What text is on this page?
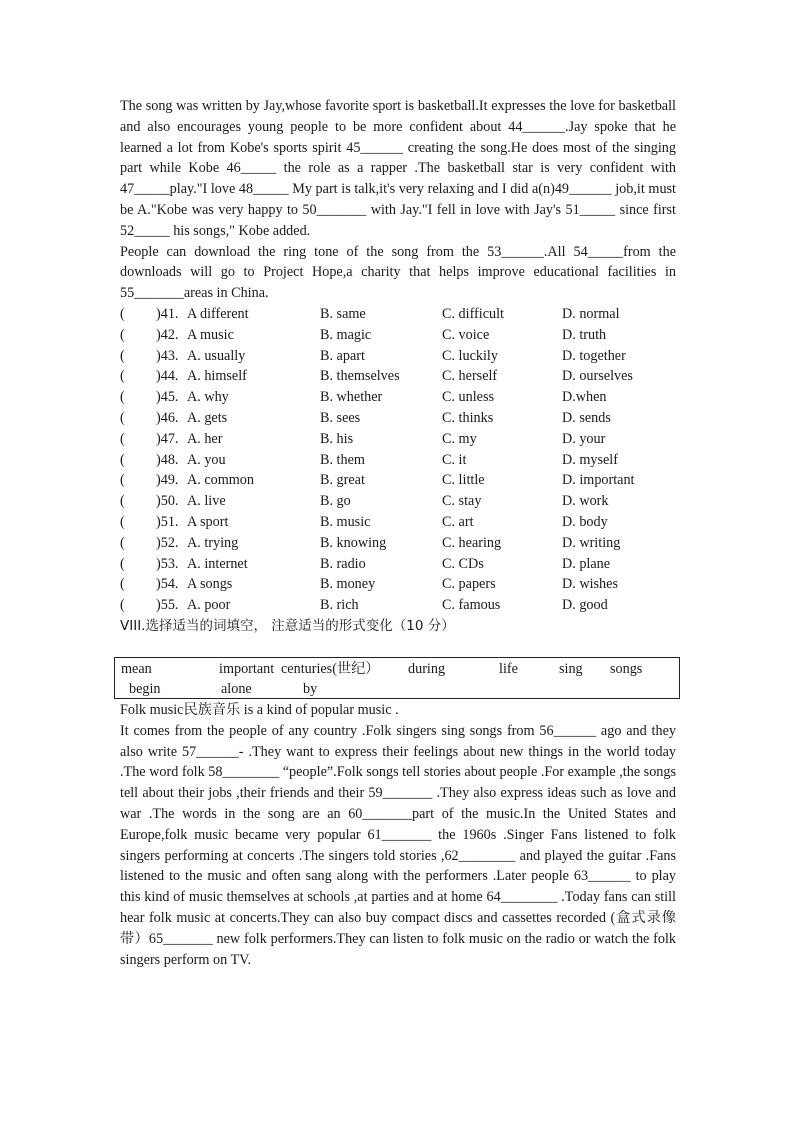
The song was written by Jay,whose favorite sport is basketball.It expresses the love for basketball and also encourages young people to be more confident about 44______.Jay spoke that he learned a lot from Kobe's sports spirit 45______ creating the song.He does most of the singing part while Kobe 46_____ the role as a rapper .The basketball star is very confident with 47_____play."I love 48_____ My part is talk,it's very relaxing and I did a(n)49______ job,it must be A."Kobe was very happy to 50_______ with Jay."I fell in love with Jay's 51_____ since first 52_____ his songs," Kobe added.

People can download the ring tone of the song from the 53______.All 54_____from the downloads will go to Project Hope,a charity that helps improve educational facilities in 55_______areas in China.

( )41. A different	B. same	C. difficult	D. normal
( )42. A music	B. magic	C. voice	D. truth
( )43. A. usually	B. apart	C. luckily	D. together
( )44. A. himself	B. themselves	C. herself	D. ourselves
( )45. A. why	B. whether	C. unless	D.when
( )46. A. gets	B. sees	C. thinks	D. sends
( )47. A. her	B. his	C. my	D. your
( )48. A. you	B. them	C. it	D. myself
( )49. A. common	B. great	C. little	D. important
( )50. A. live	B. go	C. stay	D. work
( )51. A sport	B. music	C. art	D. body
( )52. A. trying	B. knowing	C. hearing	D. writing
( )53. A. internet	B. radio	C. CDs	D. plane
( )54. A songs	B. money	C. papers	D. wishes
( )55. A. poor	B. rich	C. famous	D. good

VIII.选择适当的词填空， 注意适当的形式变化（10 分）

mean	important centuries(世纪） during	life	sing songs
begin	alone	by

Folk music民族音乐 is a kind of popular music .

It comes from the people of any country .Folk singers sing songs from 56______ ago and they also write 57______- .They want to express their feelings about new things in the world today .The word folk 58________ “people”.Folk songs tell stories about people .For example ,the songs tell about their jobs ,their friends and their 59_______ .They also express ideas such as love and war .The words in the song are an 60_______part of the music.In the United States and Europe,folk music became very popular 61_______ the 1960s .Singer Fans listened to folk singers performing at concerts .The singers told stories ,62________ and played the guitar .Fans listened to the music and often sang along with the performers .Later people 63______ to play this kind of music themselves at schools ,at parties and at home 64________ .Today fans can still hear folk music at concerts.They can also buy compact discs and cassettes recorded (盒式录像带）65_______ new folk performers.They can listen to folk music on the radio or watch the folk singers perform on TV.
